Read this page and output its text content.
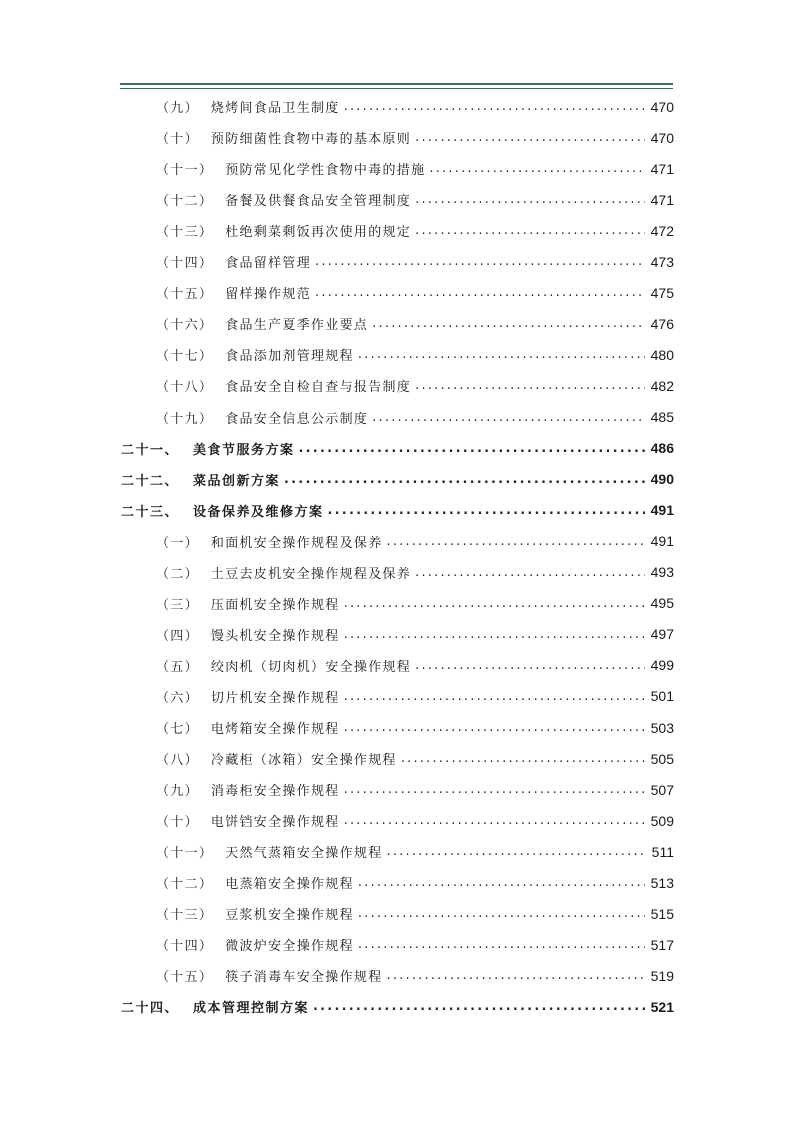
（九） 烧烤间食品卫生制度 .....	470
（十） 预防细菌性食物中毒的基本原则 .....	470
（十一） 预防常见化学性食物中毒的措施 .....	471
（十二） 备餐及供餐食品安全管理制度 .....	471
（十三） 杜绝剩菜剩饭再次使用的规定 .....	472
（十四） 食品留样管理 .....	473
（十五） 留样操作规范 .....	475
（十六） 食品生产夏季作业要点 .....	476
（十七） 食品添加剂管理规程 .....	480
（十八） 食品安全自检自查与报告制度 .....	482
（十九） 食品安全信息公示制度 .....	485
二十一、 美食节服务方案 .....	486
二十二、 菜品创新方案 .....	490
二十三、 设备保养及维修方案 .....	491
（一） 和面机安全操作规程及保养 .....	491
（二） 土豆去皮机安全操作规程及保养 .....	493
（三） 压面机安全操作规程 .....	495
（四） 馒头机安全操作规程 .....	497
（五） 绞肉机（切肉机）安全操作规程 .....	499
（六） 切片机安全操作规程 .....	501
（七） 电烤箱安全操作规程 .....	503
（八） 冷藏柜（冰箱）安全操作规程 .....	505
（九） 消毒柜安全操作规程 .....	507
（十） 电饼铛安全操作规程 .....	509
（十一） 天然气蒸箱安全操作规程 .....	511
（十二） 电蒸箱安全操作规程 .....	513
（十三） 豆浆机安全操作规程 .....	515
（十四） 微波炉安全操作规程 .....	517
（十五） 筷子消毒车安全操作规程 .....	519
二十四、 成本管理控制方案 .....	521
